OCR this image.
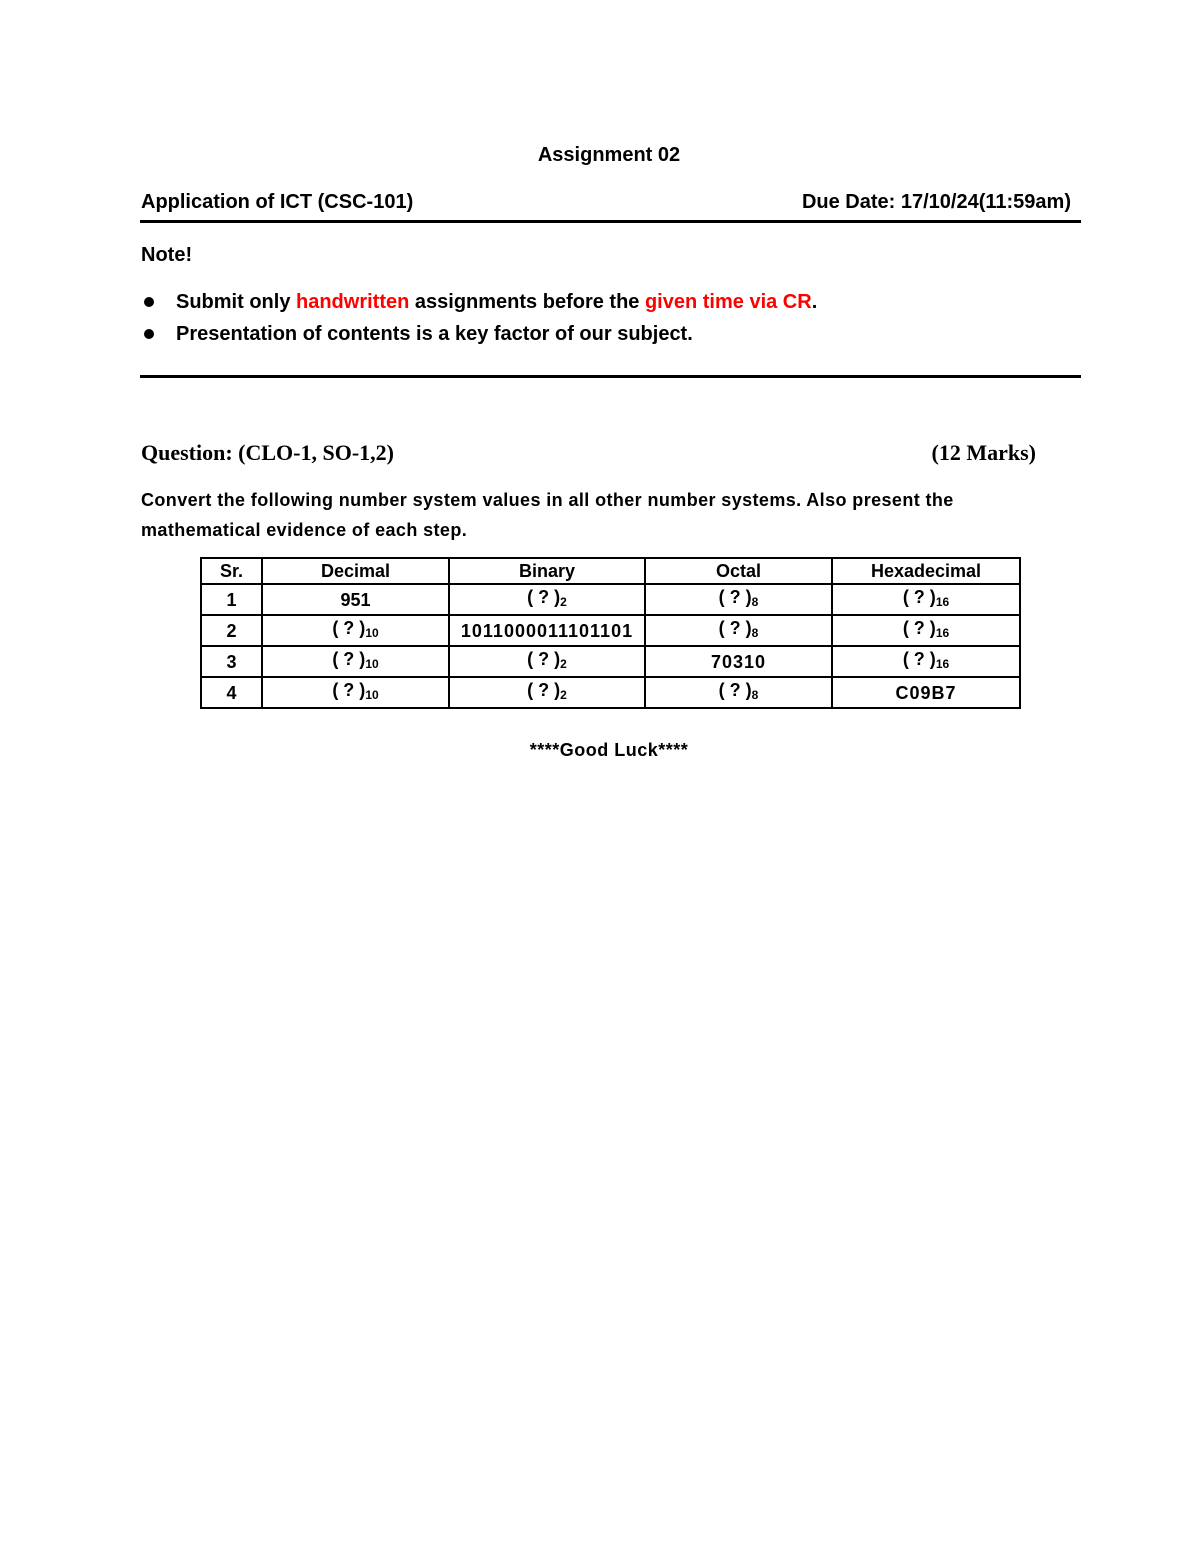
Assignment 02
Application of ICT (CSC-101)	Due Date: 17/10/24(11:59am)
Note!
Submit only handwritten assignments before the given time via CR.
Presentation of contents is a key factor of our subject.
Question: (CLO-1, SO-1,2)	(12 Marks)
Convert the following number system values in all other number systems. Also present the mathematical evidence of each step.
Sr.	Decimal	Binary	Octal	Hexadecimal
1	951	( ? )$_2$	( ? )$_8$	( ? )$_{16}$
2	( ? )$_{10}$	1011000011101101	( ? )$_8$	( ? )$_{16}$
3	( ? )$_{10}$	( ? )$_2$	70310	( ? )$_{16}$
4	( ? )$_{10}$	( ? )$_2$	( ? )$_8$	C09B7
****Good Luck****
